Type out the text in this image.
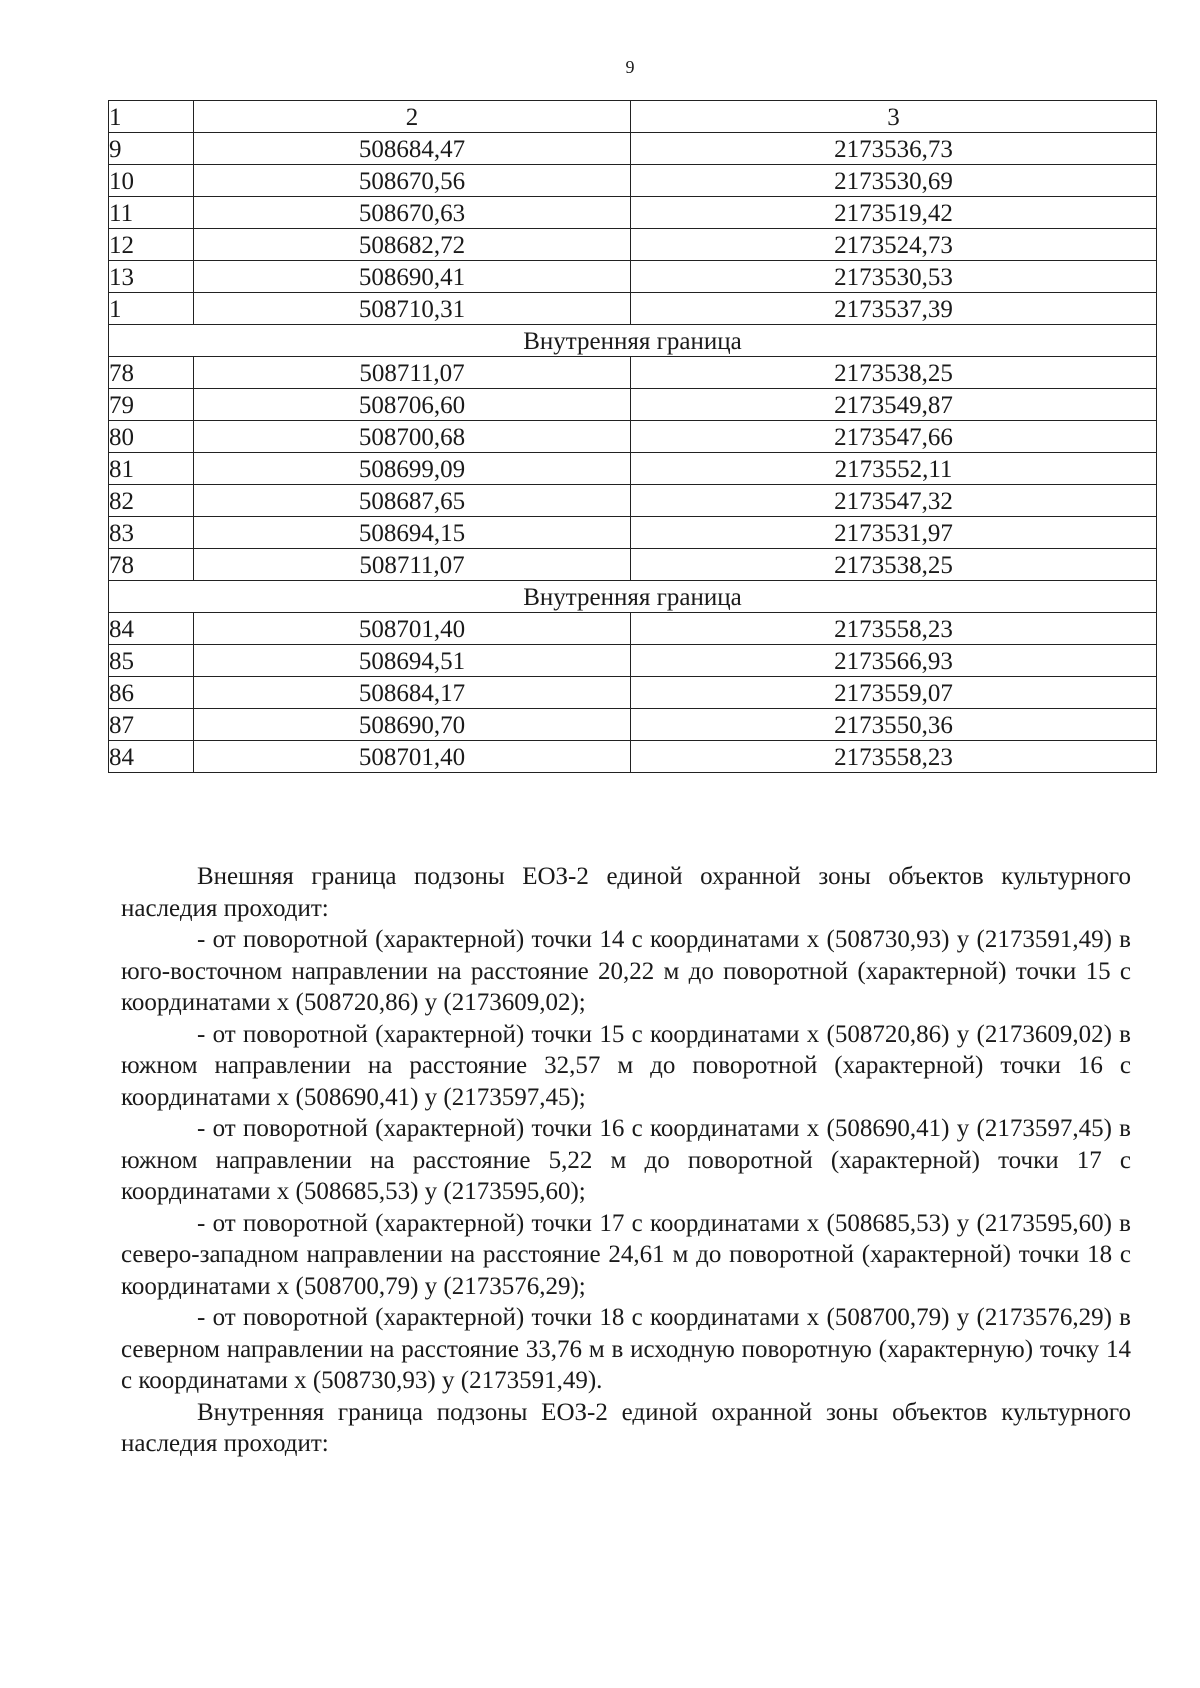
9
1	2	3
9	508684,47	2173536,73
10	508670,56	2173530,69
11	508670,63	2173519,42
12	508682,72	2173524,73
13	508690,41	2173530,53
1	508710,31	2173537,39
Внутренняя граница		
78	508711,07	2173538,25
79	508706,60	2173549,87
80	508700,68	2173547,66
81	508699,09	2173552,11
82	508687,65	2173547,32
83	508694,15	2173531,97
78	508711,07	2173538,25
Внутренняя граница		
84	508701,40	2173558,23
85	508694,51	2173566,93
86	508684,17	2173559,07
87	508690,70	2173550,36
84	508701,40	2173558,23

Внешняя граница подзоны ЕОЗ-2 единой охранной зоны объектов культурного наследия проходит:

- от поворотной (характерной) точки 14 с координатами x (508730,93) y (2173591,49) в юго-восточном направлении на расстояние 20,22 м до поворотной (характерной) точки 15 с координатами x (508720,86) y (2173609,02);

- от поворотной (характерной) точки 15 с координатами x (508720,86) y (2173609,02) в южном направлении на расстояние 32,57 м до поворотной (характерной) точки 16 с координатами x (508690,41) y (2173597,45);

- от поворотной (характерной) точки 16 с координатами x (508690,41) y (2173597,45) в южном направлении на расстояние 5,22 м до поворотной (характерной) точки 17 с координатами x (508685,53) y (2173595,60);

- от поворотной (характерной) точки 17 с координатами x (508685,53) y (2173595,60) в северо-западном направлении на расстояние 24,61 м до поворотной (характерной) точки 18 с координатами x (508700,79) y (2173576,29);

- от поворотной (характерной) точки 18 с координатами x (508700,79) y (2173576,29) в северном направлении на расстояние 33,76 м в исходную поворотную (характерную) точку 14 с координатами x (508730,93) y (2173591,49).

Внутренняя граница подзоны ЕОЗ-2 единой охранной зоны объектов культурного наследия проходит:
